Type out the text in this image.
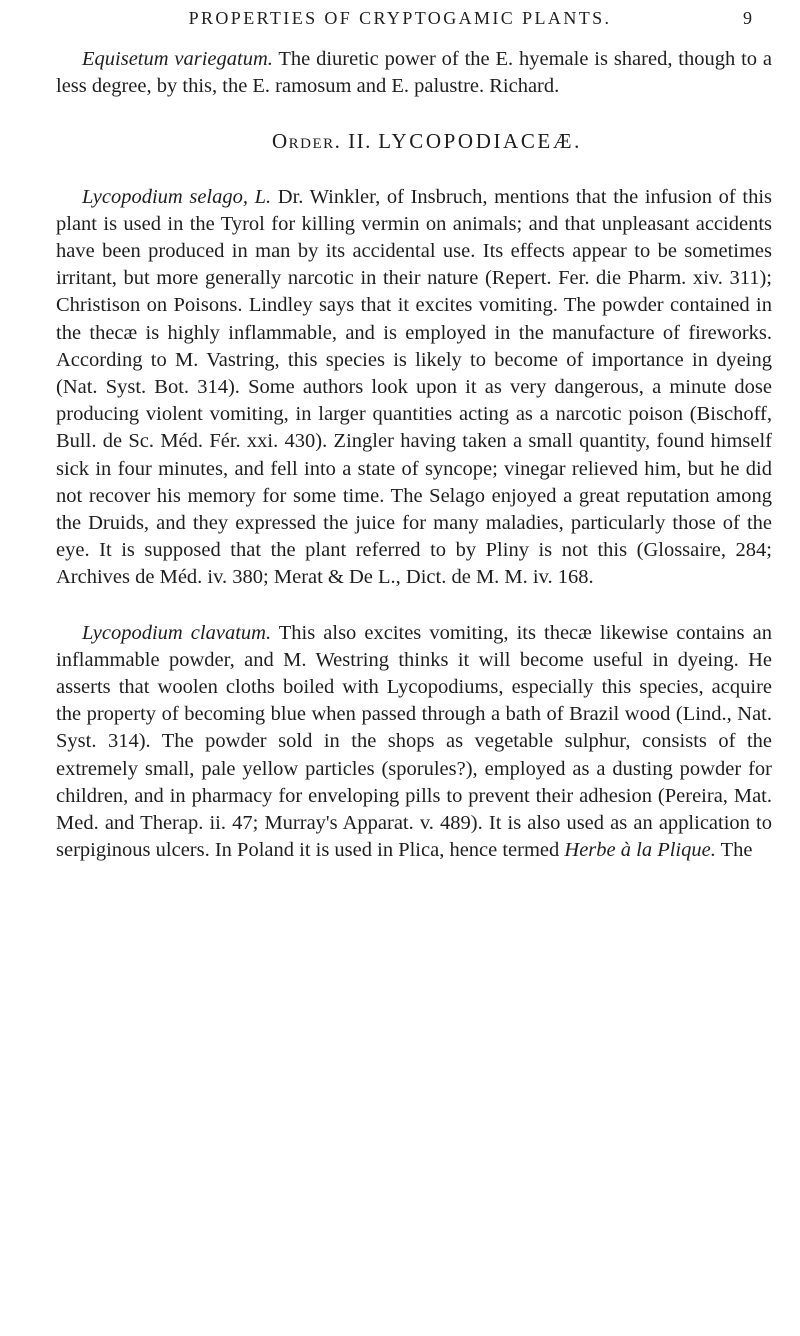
PROPERTIES OF CRYPTOGAMIC PLANTS.	9

Equisetum variegatum. The diuretic power of the E. hyemale is shared, though to a less degree, by this, the E. ramosum and E. palustre. Richard.

Order. II. LYCOPODIACEÆ.

Lycopodium selago, L. Dr. Winkler, of Insbruch, mentions that the infusion of this plant is used in the Tyrol for killing vermin on animals; and that unpleasant accidents have been produced in man by its accidental use. Its effects appear to be sometimes irritant, but more generally narcotic in their nature (Repert. Fer. die Pharm. xiv. 311); Christison on Poisons. Lindley says that it excites vomiting. The powder contained in the thecæ is highly inflammable, and is employed in the manufacture of fireworks. According to M. Vastring, this species is likely to become of importance in dyeing (Nat. Syst. Bot. 314). Some authors look upon it as very dangerous, a minute dose producing violent vomiting, in larger quantities acting as a narcotic poison (Bischoff, Bull. de Sc. Méd. Fér. xxi. 430). Zingler having taken a small quantity, found himself sick in four minutes, and fell into a state of syncope; vinegar relieved him, but he did not recover his memory for some time. The Selago enjoyed a great reputation among the Druids, and they expressed the juice for many maladies, particularly those of the eye. It is supposed that the plant referred to by Pliny is not this (Glossaire, 284; Archives de Méd. iv. 380; Merat & De L., Dict. de M. M. iv. 168.

Lycopodium clavatum. This also excites vomiting, its thecæ likewise contains an inflammable powder, and M. Westring thinks it will become useful in dyeing. He asserts that woolen cloths boiled with Lycopodiums, especially this species, acquire the property of becoming blue when passed through a bath of Brazil wood (Lind., Nat. Syst. 314). The powder sold in the shops as vegetable sulphur, consists of the extremely small, pale yellow particles (sporules?), employed as a dusting powder for children, and in pharmacy for enveloping pills to prevent their adhesion (Pereira, Mat. Med. and Therap. ii. 47; Murray's Apparat. v. 489). It is also used as an application to serpiginous ulcers. In Poland it is used in Plica, hence termed Herbe à la Plique. The
